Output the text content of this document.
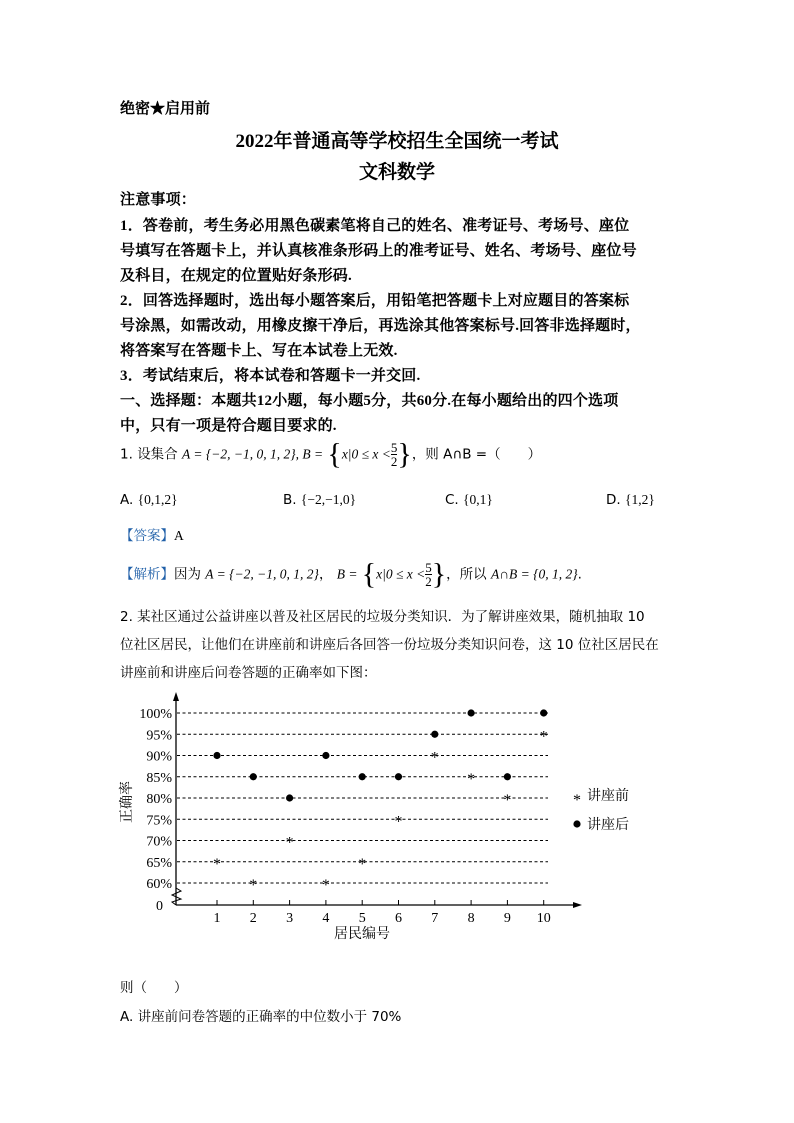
绝密★启用前
2022年普通高等学校招生全国统一考试
文科数学
注意事项：
1．答卷前，考生务必用黑色碳素笔将自己的姓名、准考证号、考场号、座位
号填写在答题卡上，并认真核准条形码上的准考证号、姓名、考场号、座位号
及科目，在规定的位置贴好条形码.
2．回答选择题时，选出每小题答案后，用铅笔把答题卡上对应题目的答案标
号涂黑，如需改动，用橡皮擦干净后，再选涂其他答案标号.回答非选择题时，
将答案写在答题卡上、写在本试卷上无效.
3．考试结束后，将本试卷和答题卡一并交回.
一、选择题：本题共12小题，每小题5分，共60分.在每小题给出的四个选项
中，只有一项是符合题目要求的.
1. 设集合 A = {−2, −1, 0, 1, 2}, $B = \{x|0 \le x < \frac{5}{2}$ }，则 A∩B =（　　）
A. {0,1,2}	B. {−2,−1,0}	C. {0,1}	D. {1,2}
【答案】A
【解析】因为 A = {−2, −1, 0, 1, 2}， $B = \{x|0 \le x < \frac{5}{2}$ }，所以 A∩B = {0, 1, 2}.
2. 某社区通过公益讲座以普及社区居民的垃圾分类知识．为了解讲座效果，随机抽取 10
位社区居民，让他们在讲座前和讲座后各回答一份垃圾分类知识问卷，这 10 位社区居民在
讲座前和讲座后问卷答题的正确率如下图：
0
60%
65%
70%
75%
80%
85%
90%
95%
100%
1 2 3 4 5 6 7 8 9 10
*
*
*
*
*
*
*
*
*
*
居民编号
正确率	* 讲座前
讲座后
则（　　）
A. 讲座前问卷答题的正确率的中位数小于 70%
